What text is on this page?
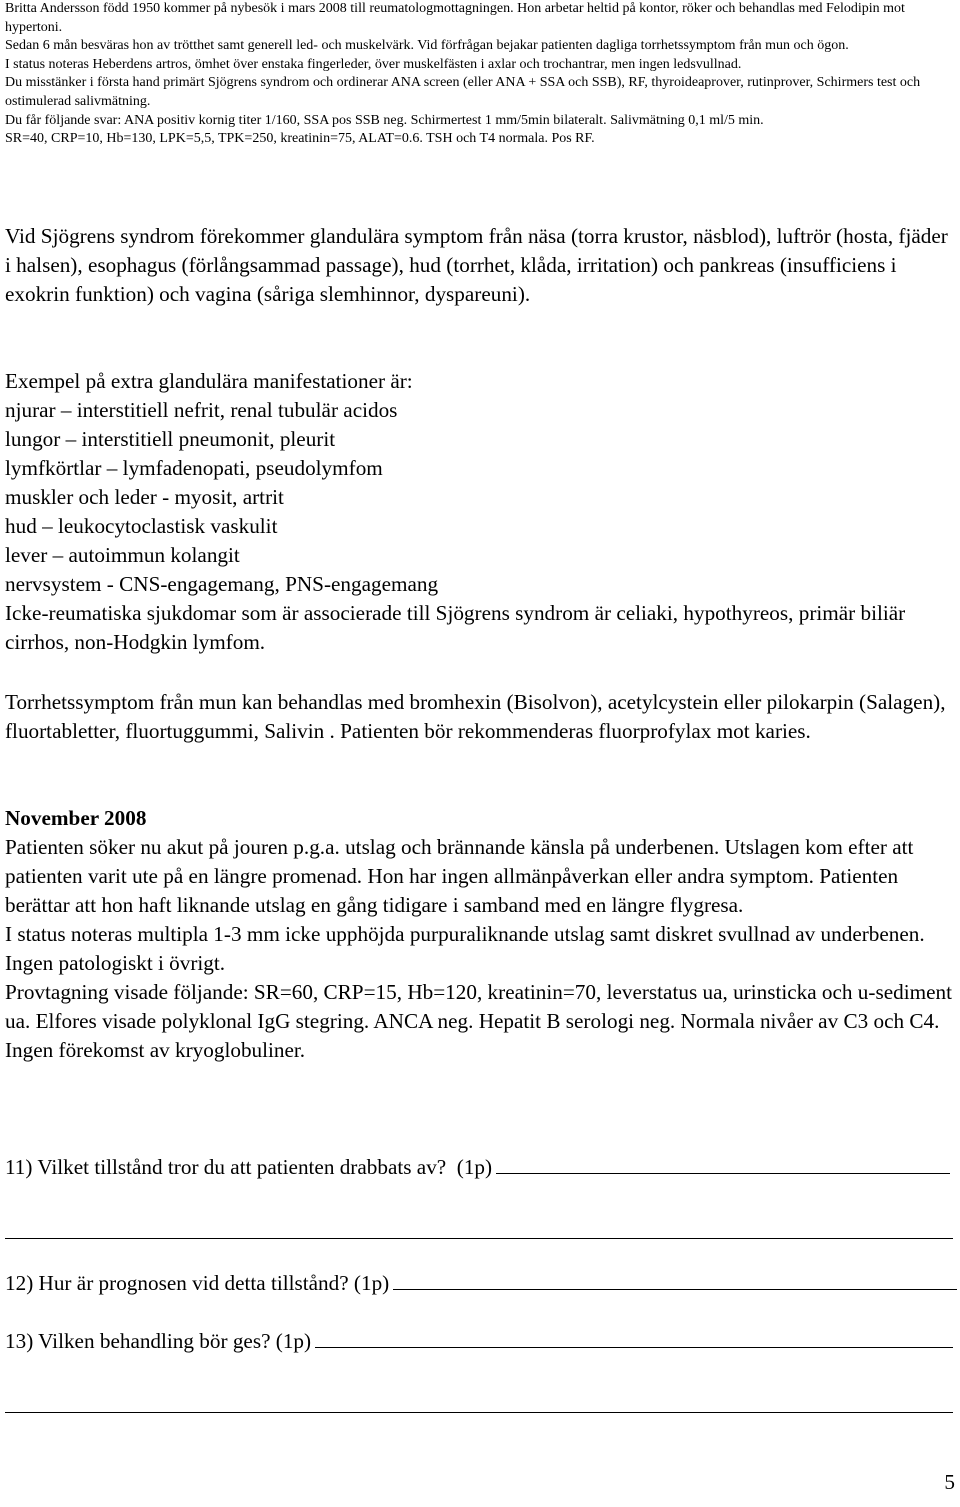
Britta Andersson född 1950 kommer på nybesök i mars 2008 till reumatologmottagningen. Hon arbetar heltid på kontor, röker och behandlas med Felodipin mot hypertoni.

Sedan 6 mån besväras hon av trötthet samt generell led- och muskelvärk. Vid förfrågan bejakar patienten dagliga torrhetssymptom från mun och ögon.

I status noteras Heberdens artros, ömhet över enstaka fingerleder, över muskelfästen i axlar och trochantrar, men ingen ledsvullnad.

Du misstänker i första hand primärt Sjögrens syndrom och ordinerar ANA screen (eller ANA + SSA och SSB), RF, thyroideaprover, rutinprover, Schirmers test och ostimulerad salivmätning.

Du får följande svar: ANA positiv kornig titer 1/160, SSA pos SSB neg. Schirmertest 1 mm/5min bilateralt. Salivmätning 0,1 ml/5 min.

SR=40, CRP=10, Hb=130, LPK=5,5, TPK=250, kreatinin=75, ALAT=0.6. TSH och T4 normala. Pos RF.

Vid Sjögrens syndrom förekommer glandulära symptom från näsa (torra krustor, näsblod), luftrör (hosta, fjäder i halsen), esophagus (förlångsammad passage), hud (torrhet, klåda, irritation) och pankreas (insufficiens i exokrin funktion) och vagina (såriga slemhinnor, dyspareuni).
Exempel på extra glandulära manifestationer är:
njurar – interstitiell nefrit, renal tubulär acidos
lungor – interstitiell pneumonit, pleurit
lymfkörtlar – lymfadenopati, pseudolymfom
muskler och leder - myosit, artrit
hud – leukocytoclastisk vaskulit
lever – autoimmun kolangit
nervsystem - CNS-engagemang, PNS-engagemang
Icke-reumatiska sjukdomar som är associerade till Sjögrens syndrom är celiaki, hypothyreos, primär biliär cirrhos, non-Hodgkin lymfom.
Torrhetssymptom från mun kan behandlas med bromhexin (Bisolvon), acetylcystein eller pilokarpin (Salagen), fluortabletter, fluortuggummi, Salivin . Patienten bör rekommenderas fluorprofylax mot karies.
November 2008

Patienten söker nu akut på jouren p.g.a. utslag och brännande känsla på underbenen. Utslagen kom efter att patienten varit ute på en längre promenad. Hon har ingen allmänpåverkan eller andra symptom. Patienten berättar att hon haft liknande utslag en gång tidigare i samband med en längre flygresa.

I status noteras multipla 1-3 mm icke upphöjda purpuraliknande utslag samt diskret svullnad av underbenen. Ingen patologiskt i övrigt.

Provtagning visade följande: SR=60, CRP=15, Hb=120, kreatinin=70, leverstatus ua, urinsticka och u-sediment ua. Elfores visade polyklonal IgG stegring. ANCA neg. Hepatit B serologi neg. Normala nivåer av C3 och C4. Ingen förekomst av kryoglobuliner.

11) Vilket tillstånd tror du att patienten drabbats av?  (1p)
12) Hur är prognosen vid detta tillstånd? (1p)
13) Vilken behandling bör ges? (1p)
5
